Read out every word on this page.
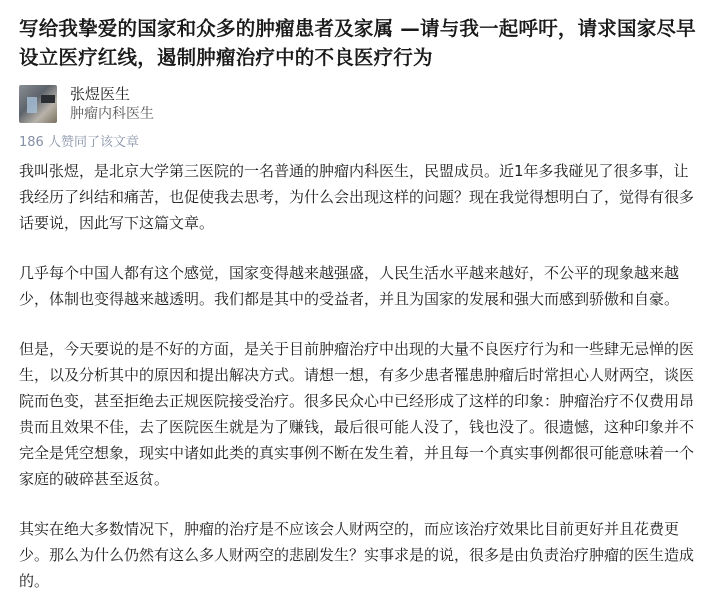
写给我挚爱的国家和众多的肿瘤患者及家属 —请与我一起呼吁，请求国家尽早设立医疗红线，遏制肿瘤治疗中的不良医疗行为
张煜医生
肿瘤内科医生
186 人赞同了该文章

我叫张煜，是北京大学第三医院的一名普通的肿瘤内科医生，民盟成员。近1年多我碰见了很多事，让我经历了纠结和痛苦，也促使我去思考，为什么会出现这样的问题？现在我觉得想明白了，觉得有很多话要说，因此写下这篇文章。

几乎每个中国人都有这个感觉，国家变得越来越强盛，人民生活水平越来越好，不公平的现象越来越少，体制也变得越来越透明。我们都是其中的受益者，并且为国家的发展和强大而感到骄傲和自豪。

但是，今天要说的是不好的方面，是关于目前肿瘤治疗中出现的大量不良医疗行为和一些肆无忌惮的医生，以及分析其中的原因和提出解决方式。请想一想，有多少患者罹患肿瘤后时常担心人财两空，谈医院而色变，甚至拒绝去正规医院接受治疗。很多民众心中已经形成了这样的印象：肿瘤治疗不仅费用昂贵而且效果不佳，去了医院医生就是为了赚钱，最后很可能人没了，钱也没了。很遗憾，这种印象并不完全是凭空想象，现实中诸如此类的真实事例不断在发生着，并且每一个真实事例都很可能意味着一个家庭的破碎甚至返贫。

其实在绝大多数情况下，肿瘤的治疗是不应该会人财两空的，而应该治疗效果比目前更好并且花费更少。那么为什么仍然有这么多人财两空的悲剧发生？实事求是的说，很多是由负责治疗肿瘤的医生造成的。
